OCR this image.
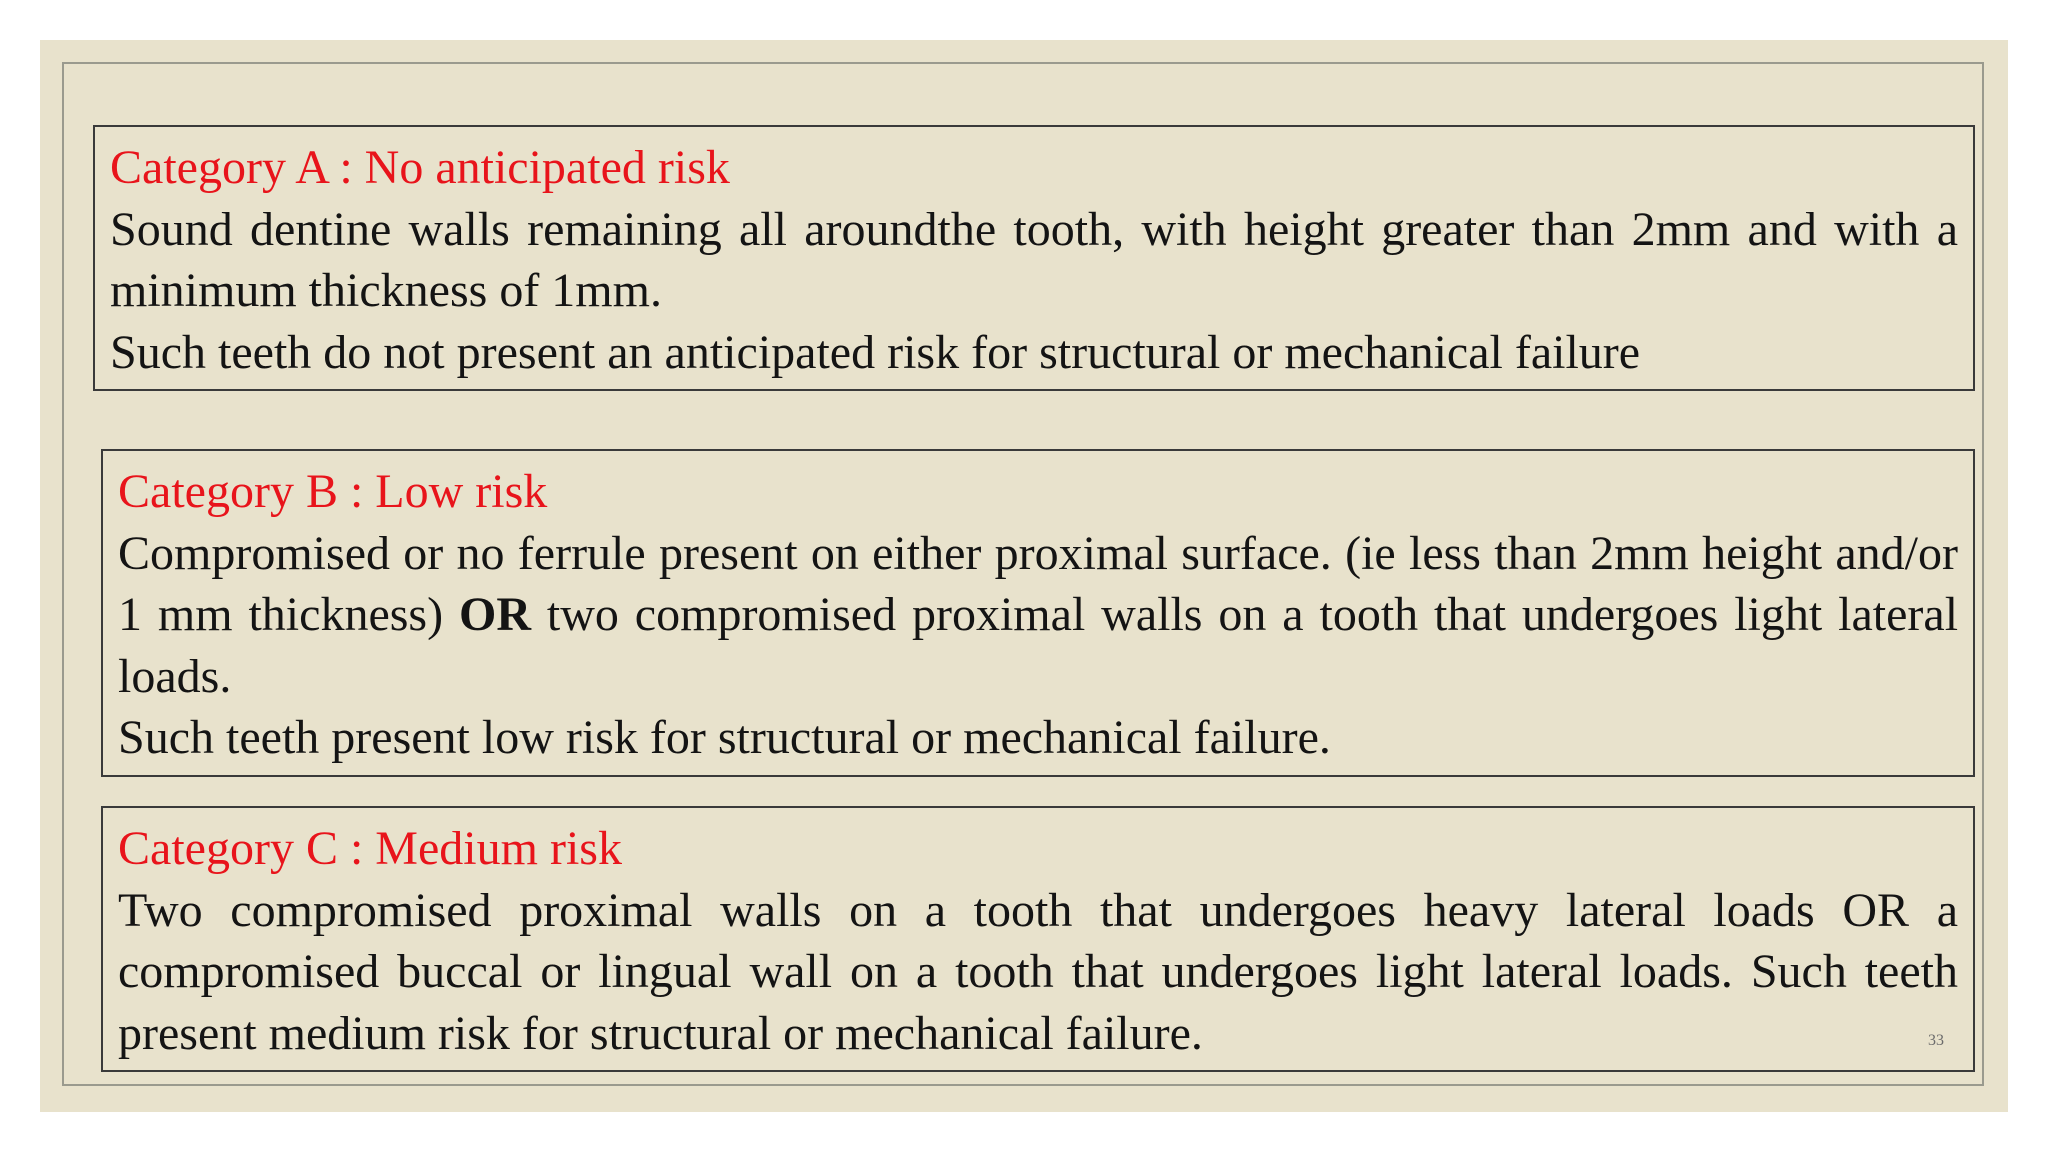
Category A : No anticipated risk
Sound dentine walls remaining all aroundthe tooth, with height greater than 2mm and with a minimum thickness of 1mm.
Such teeth do not present an anticipated risk for structural or mechanical failure
Category B : Low risk
Compromised or no ferrule present on either proximal surface. (ie less than 2mm height and/or 1 mm thickness) OR two compromised proximal walls on a tooth that undergoes light lateral loads.
Such teeth present low risk for structural or mechanical failure.
Category C : Medium risk
Two compromised proximal walls on a tooth that undergoes heavy lateral loads OR a compromised buccal or lingual wall on a tooth that undergoes light lateral loads. Such teeth present medium risk for structural or mechanical failure.	33
